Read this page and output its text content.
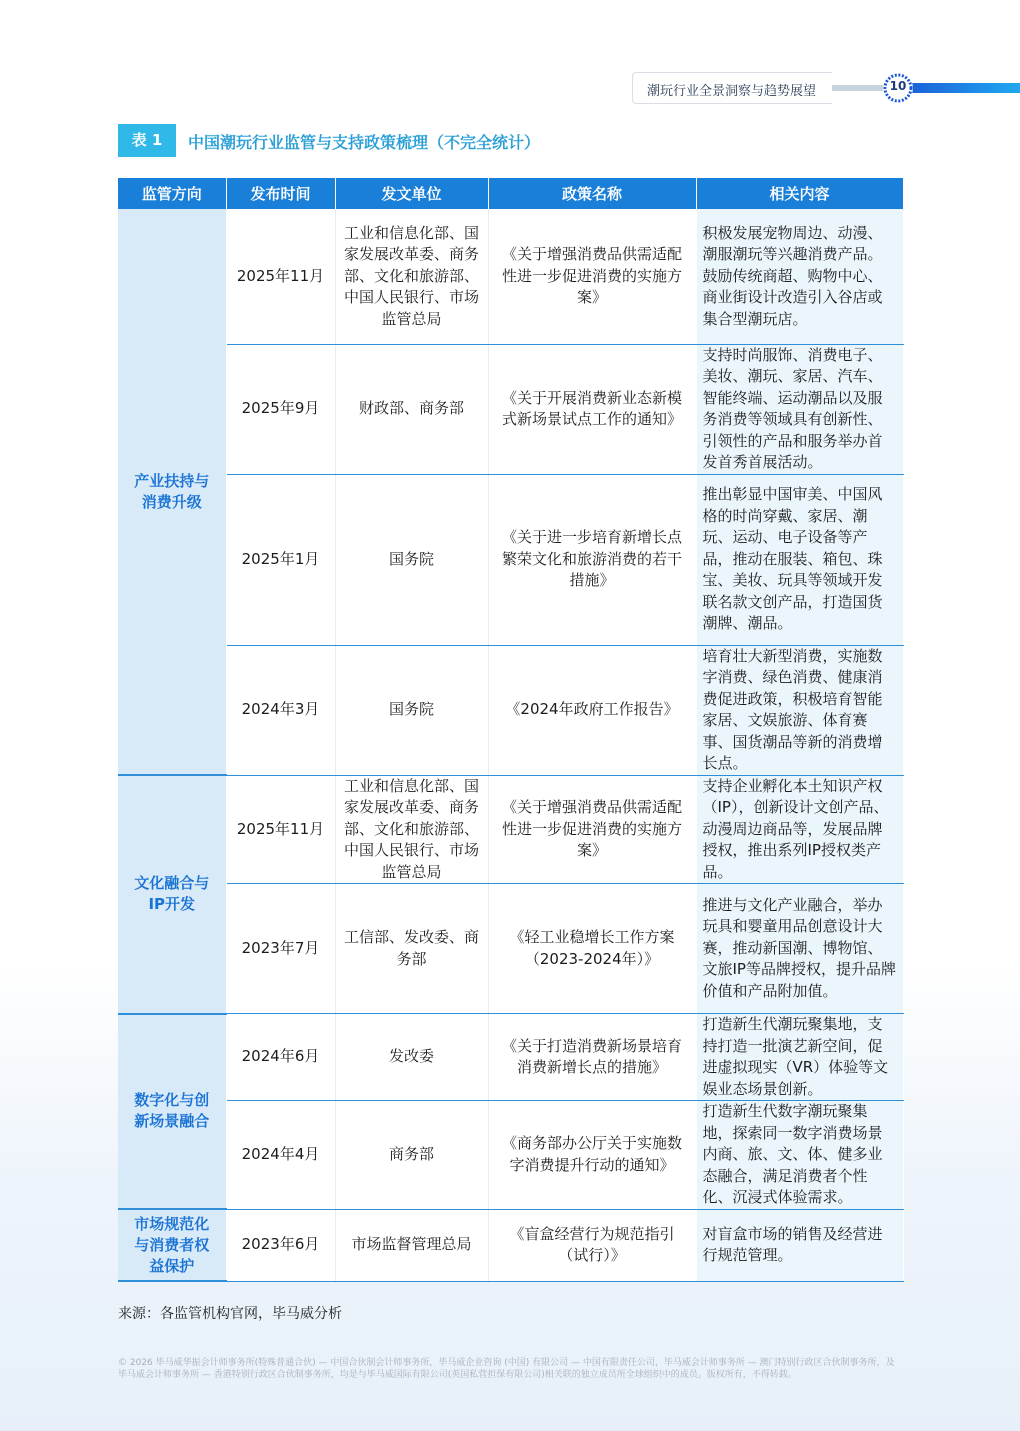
潮玩行业全景洞察与趋势展望	10
表 1	中国潮玩行业监管与支持政策梳理（不完全统计）
监管方向	发布时间	发文单位	政策名称	相关内容
产业扶持与消费升级	2025年11月	工业和信息化部、国家发展改革委、商务部、文化和旅游部、中国人民银行、市场监管总局	《关于增强消费品供需适配性进一步促进消费的实施方案》	积极发展宠物周边、动漫、潮服潮玩等兴趣消费产品。鼓励传统商超、购物中心、商业街设计改造引入谷店或集合型潮玩店。
	2025年9月	财政部、商务部	《关于开展消费新业态新模式新场景试点工作的通知》	支持时尚服饰、消费电子、美妆、潮玩、家居、汽车、智能终端、运动潮品以及服务消费等领域具有创新性、引领性的产品和服务举办首发首秀首展活动。
	2025年1月	国务院	《关于进一步培育新增长点繁荣文化和旅游消费的若干措施》	推出彰显中国审美、中国风格的时尚穿戴、家居、潮玩、运动、电子设备等产品，推动在服装、箱包、珠宝、美妆、玩具等领域开发联名款文创产品，打造国货潮牌、潮品。
	2024年3月	国务院	《2024年政府工作报告》	培育壮大新型消费，实施数字消费、绿色消费、健康消费促进政策，积极培育智能家居、文娱旅游、体育赛事、国货潮品等新的消费增长点。
文化融合与IP开发	2025年11月	工业和信息化部、国家发展改革委、商务部、文化和旅游部、中国人民银行、市场监管总局	《关于增强消费品供需适配性进一步促进消费的实施方案》	支持企业孵化本土知识产权（IP），创新设计文创产品、动漫周边商品等，发展品牌授权，推出系列IP授权类产品。
	2023年7月	工信部、发改委、商务部	《轻工业稳增长工作方案（2023-2024年）》	推进与文化产业融合，举办玩具和婴童用品创意设计大赛，推动新国潮、博物馆、文旅IP等品牌授权，提升品牌价值和产品附加值。
数字化与创新场景融合	2024年6月	发改委	《关于打造消费新场景培育消费新增长点的措施》	打造新生代潮玩聚集地，支持打造一批演艺新空间，促进虚拟现实（VR）体验等文娱业态场景创新。
	2024年4月	商务部	《商务部办公厅关于实施数字消费提升行动的通知》	打造新生代数字潮玩聚集地，探索同一数字消费场景内商、旅、文、体、健多业态融合，满足消费者个性化、沉浸式体验需求。
市场规范化与消费者权益保护	2023年6月	市场监督管理总局	《盲盒经营行为规范指引（试行）》	对盲盒市场的销售及经营进行规范管理。
来源：各监管机构官网，毕马威分析
© 2026 毕马威华振会计师事务所(特殊普通合伙) — 中国合伙制会计师事务所，毕马威企业咨询 (中国) 有限公司 — 中国有限责任公司，毕马威会计师事务所 — 澳门特别行政区合伙制事务所，及毕马威会计师事务所 — 香港特别行政区合伙制事务所，均是与毕马威国际有限公司(英国私营担保有限公司)相关联的独立成员所全球组织中的成员。版权所有，不得转载。
